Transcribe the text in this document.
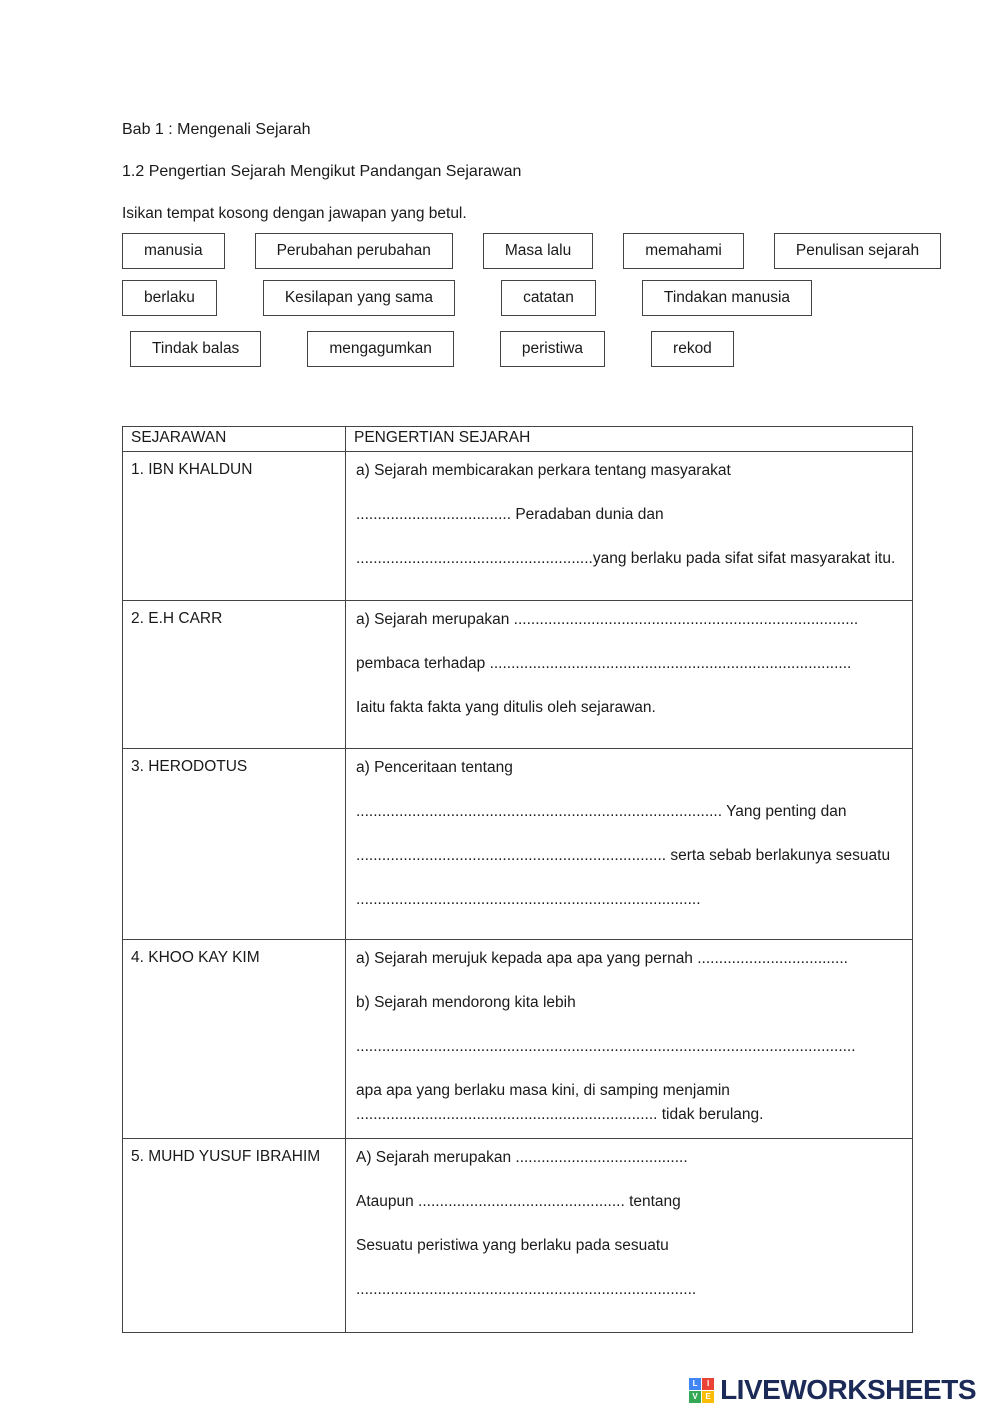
Bab 1 : Mengenali Sejarah

1.2 Pengertian Sejarah Mengikut Pandangan Sejarawan

Isikan tempat kosong dengan jawapan yang betul.

manusia	Perubahan perubahan	Masa lalu	memahami	Penulisan sejarah
berlaku	Kesilapan yang sama	catatan	Tindakan manusia
Tindak balas	mengagumkan	peristiwa	rekod
SEJARAWAN	PENGERTIAN SEJARAH

1. IBN KHALDUN	a) Sejarah membicarakan perkara tentang masyarakat

.................................... Peradaban dunia dan

.......................................................yang berlaku pada sifat sifat masyarakat itu.

2. E.H CARR	a) Sejarah merupakan ................................................................................

pembaca terhadap ....................................................................................

Iaitu fakta fakta yang ditulis oleh sejarawan.

3. HERODOTUS	a) Penceritaan tentang

..................................................................................... Yang penting dan

........................................................................ serta sebab berlakunya sesuatu

................................................................................

4. KHOO KAY KIM	a) Sejarah merujuk kepada apa apa yang pernah ...................................

b) Sejarah mendorong kita lebih

....................................................................................................................

apa apa yang berlaku masa kini, di samping menjamin

...................................................................... tidak berulang.

5. MUHD YUSUF IBRAHIM	A) Sejarah merupakan ........................................

Ataupun ................................................ tentang

Sesuatu peristiwa yang berlaku pada sesuatu

...............................................................................

L	I
V E LIVEWORKSHEETS
